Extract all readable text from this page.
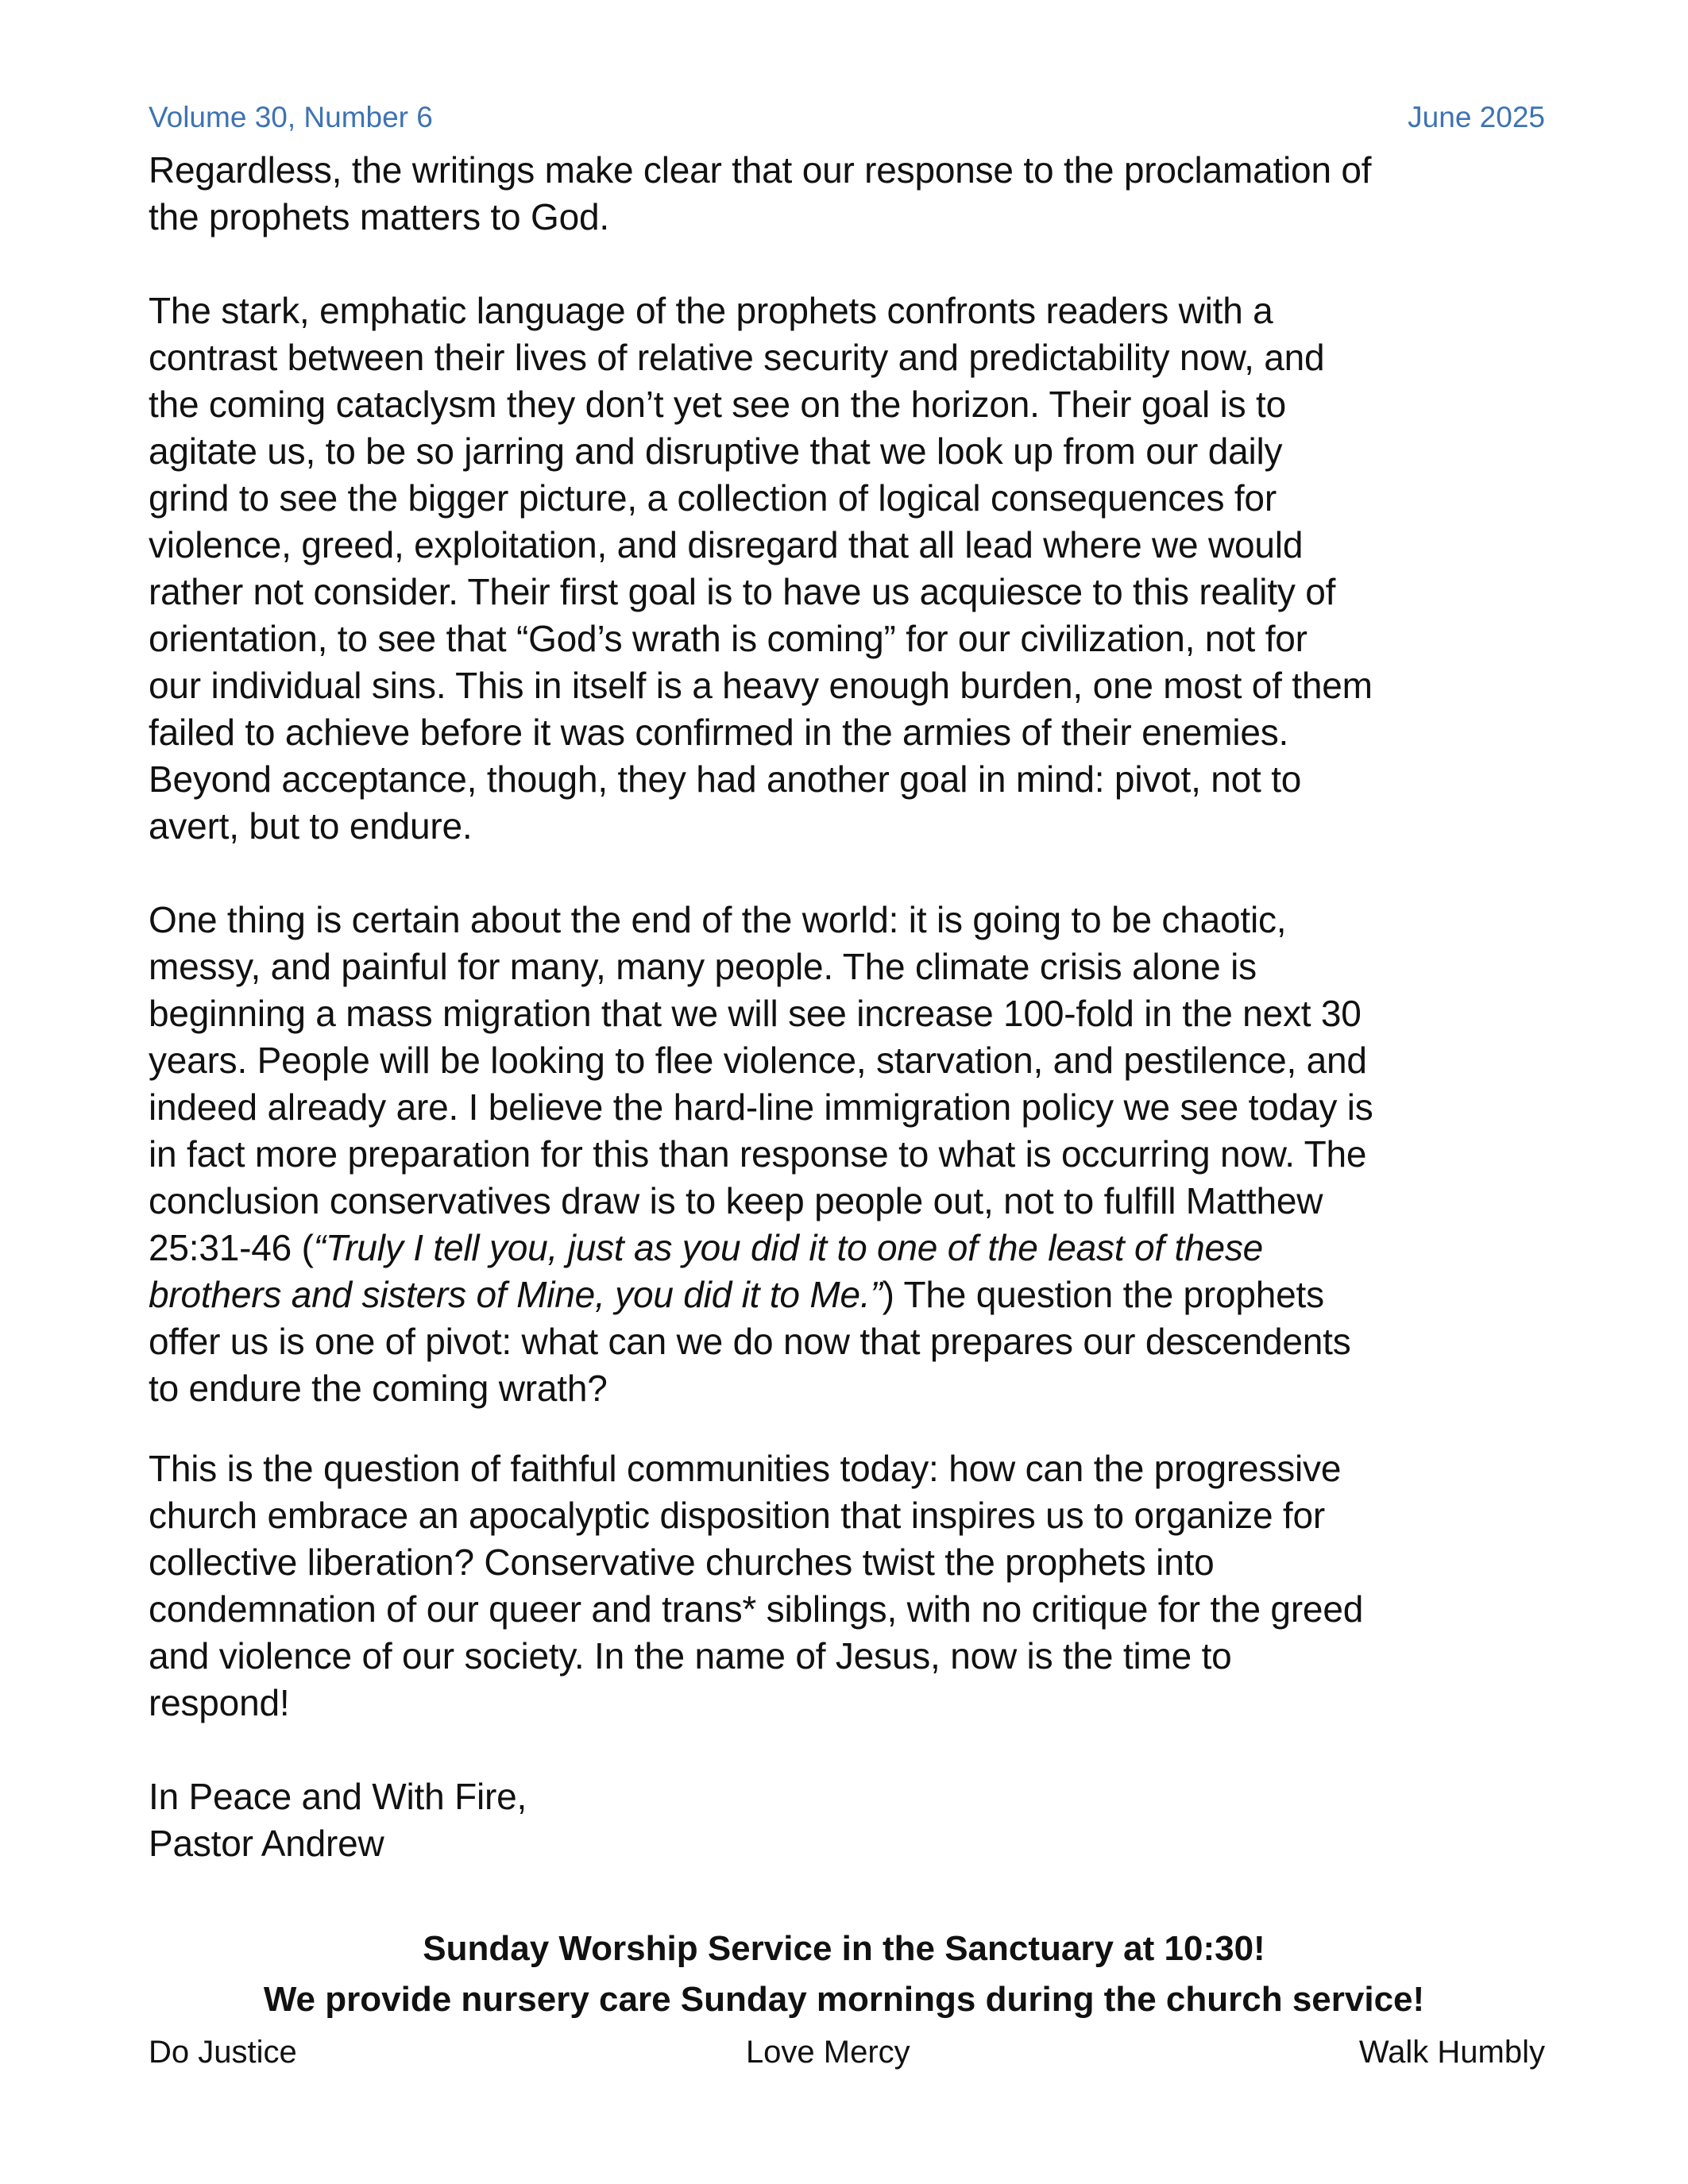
Volume 30, Number 6	June 2025

Regardless, the writings make clear that our response to the proclamation of
the prophets matters to God.

The stark, emphatic language of the prophets confronts readers with a
contrast between their lives of relative security and predictability now, and
the coming cataclysm they don’t yet see on the horizon. Their goal is to
agitate us, to be so jarring and disruptive that we look up from our daily
grind to see the bigger picture, a collection of logical consequences for
violence, greed, exploitation, and disregard that all lead where we would
rather not consider. Their first goal is to have us acquiesce to this reality of
orientation, to see that “God’s wrath is coming” for our civilization, not for
our individual sins. This in itself is a heavy enough burden, one most of them
failed to achieve before it was confirmed in the armies of their enemies.
Beyond acceptance, though, they had another goal in mind: pivot, not to
avert, but to endure.

One thing is certain about the end of the world: it is going to be chaotic,
messy, and painful for many, many people. The climate crisis alone is
beginning a mass migration that we will see increase 100-fold in the next 30
years. People will be looking to flee violence, starvation, and pestilence, and
indeed already are. I believe the hard-line immigration policy we see today is
in fact more preparation for this than response to what is occurring now. The
conclusion conservatives draw is to keep people out, not to fulfill Matthew
25:31-46 (“Truly I tell you, just as you did it to one of the least of these
brothers and sisters of Mine, you did it to Me.”) The question the prophets
offer us is one of pivot: what can we do now that prepares our descendents
to endure the coming wrath?

This is the question of faithful communities today: how can the progressive
church embrace an apocalyptic disposition that inspires us to organize for
collective liberation? Conservative churches twist the prophets into
condemnation of our queer and trans* siblings, with no critique for the greed
and violence of our society. In the name of Jesus, now is the time to
respond!

In Peace and With Fire,

Pastor Andrew

Sunday Worship Service in the Sanctuary at 10:30!
We provide nursery care Sunday mornings during the church service!
Do Justice	Love Mercy	Walk Humbly
